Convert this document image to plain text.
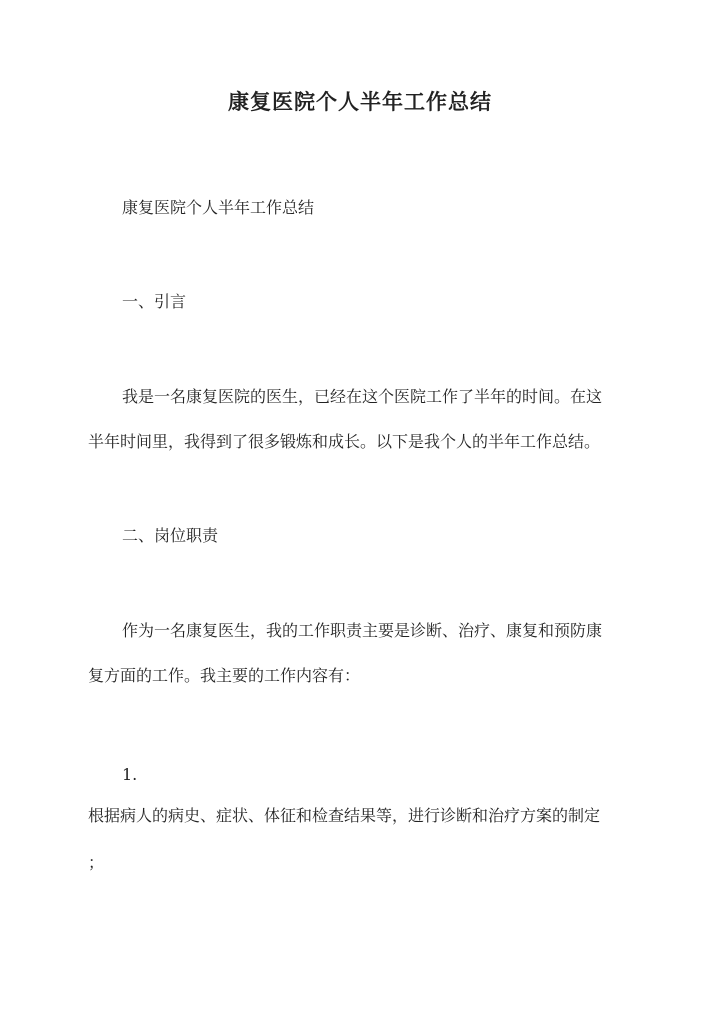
康复医院个人半年工作总结
康复医院个人半年工作总结
一、引言
我是一名康复医院的医生，已经在这个医院工作了半年的时间。在这
半年时间里，我得到了很多锻炼和成长。以下是我个人的半年工作总结。
二、岗位职责
作为一名康复医生，我的工作职责主要是诊断、治疗、康复和预防康
复方面的工作。我主要的工作内容有：
1.
根据病人的病史、症状、体征和检查结果等，进行诊断和治疗方案的制定
；
